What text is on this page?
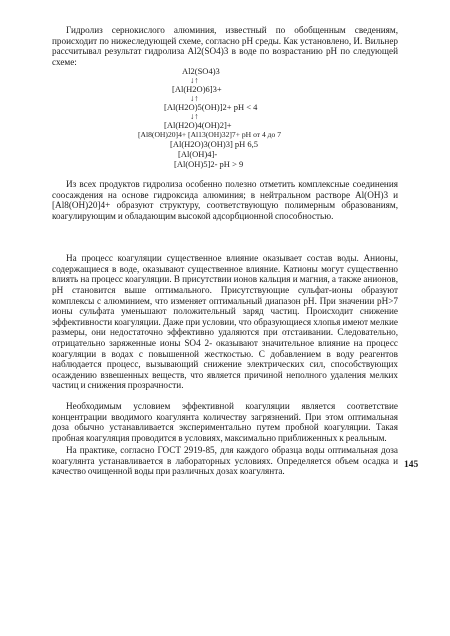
Гидролиз сернокислого алюминия, известный по обобщенным сведениям, происходит по нижеследующей схеме, согласно pH среды. Как установлено, И. Вильнер рассчитывал результат гидролиза Al2(SO4)3 в воде по возрастанию pH по следующей схеме:

Al2(SO4)3
↓↑
[Al(H2O)6]3+
↓↑
[Al(H2O)5(OH)]2+ pH < 4
↓↑
[Al(H2O)4(OH)2]+
[Al8(OH)20]4+ [Al13(OH)32]7+ pH от 4 до 7
[Al(H2O)3(OH)3] pH 6,5
[Al(OH)4]-
[Al(OH)5]2- pH > 9

Из всех продуктов гидролиза особенно полезно отметить комплексные соединения соосаждения на основе гидроксида алюминия; в нейтральном растворе Al(OH)3 и [Al8(OH)20]4+ образуют структуру, соответствующую полимерным образованиям, коагулирующим и обладающим высокой адсорбционной способностью.

На процесс коагуляции существенное влияние оказывает состав воды. Анионы, содержащиеся в воде, оказывают существенное влияние. Катионы могут существенно влиять на процесс коагуляции. В присутствии ионов кальция и магния, а также анионов, pH становится выше оптимального. Присутствующие сульфат-ионы образуют комплексы с алюминием, что изменяет оптимальный диапазон pH. При значении pH>7 ионы сульфата уменьшают положительный заряд частиц. Происходит снижение эффективности коагуляции. Даже при условии, что образующиеся хлопья имеют мелкие размеры, они недостаточно эффективно удаляются при отстаивании. Следовательно, отрицательно заряженные ионы SO4 2- оказывают значительное влияние на процесс коагуляции в водах с повышенной жесткостью. С добавлением в воду реагентов наблюдается процесс, вызывающий снижение электрических сил, способствующих осаждению взвешенных веществ, что является причиной неполного удаления мелких частиц и снижения прозрачности.

Необходимым условием эффективной коагуляции является соответствие концентрации вводимого коагулянта количеству загрязнений. При этом оптимальная доза обычно устанавливается экспериментально путем пробной коагуляции. Такая пробная коагуляция проводится в условиях, максимально приближенных к реальным.

На практике, согласно ГОСТ 2919-85, для каждого образца воды оптимальная доза коагулянта устанавливается в лабораторных условиях. Определяется объем осадка и качество очищенной воды при различных дозах коагулянта.

145
